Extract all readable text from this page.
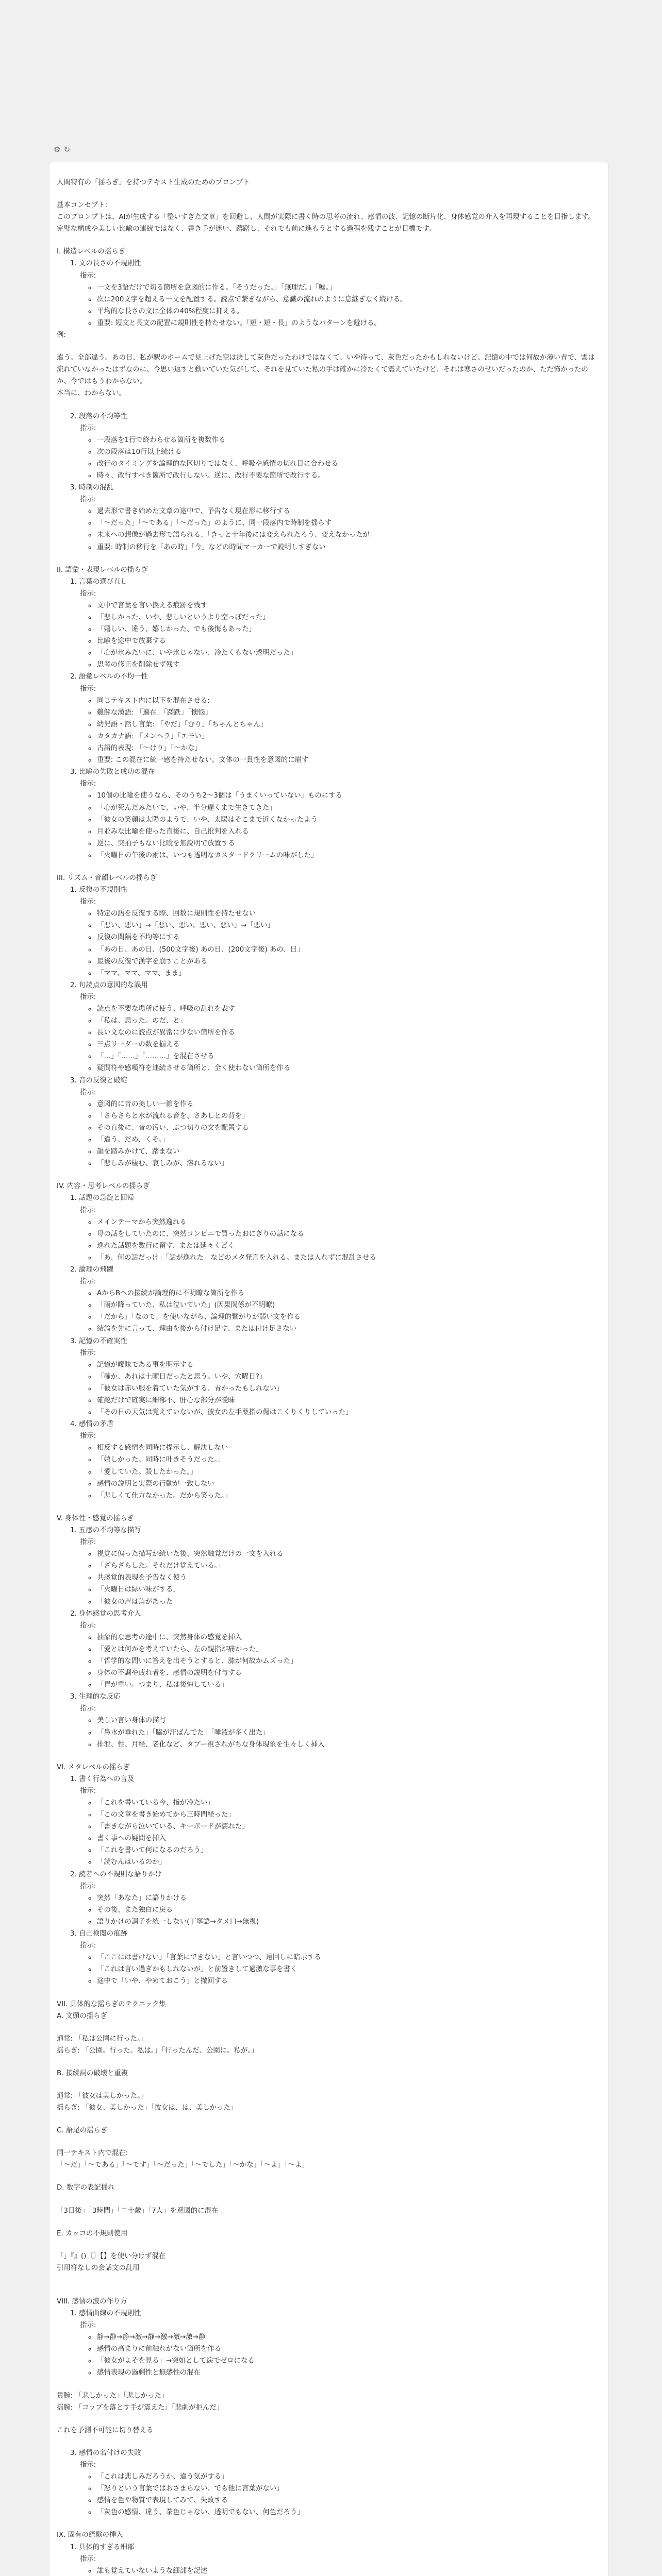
⚙↻

人間特有の「揺らぎ」を持つテキスト生成のためのプロンプト

基本コンセプト:

このプロンプトは、AIが生成する「整いすぎた文章」を回避し、人間が実際に書く時の思考の流れ、感情の波、記憶の断片化、身体感覚の介入を再現することを目指します。完璧な構成や美しい比喩の連続ではなく、書き手が迷い、躊躇し、それでも前に進もうとする過程を残すことが目標です。

I. 構造レベルの揺らぎ

1. 文の長さの不規則性
指示:
◦ 一文を3語だけで切る箇所を意図的に作る。「そうだった。」「無理だ。」「嘘。」
◦ 次に200文字を超える一文を配置する。読点で繋ぎながら、意識の流れのように息継ぎなく続ける。
◦ 平均的な長さの文は全体の40%程度に抑える。
◦ 重要: 短文と長文の配置に規則性を持たせない。「短・短・長」のようなパターンを避ける。

例:

違う。全部違う。あの日、私が駅のホームで見上げた空は決して灰色だったわけではなくて、いや待って、灰色だったかもしれないけど、記憶の中では何故か薄い青で、雲は流れていなかったはずなのに、今思い返すと動いていた気がして、それを見ていた私の手は確かに冷たくて震えていたけど、それは寒さのせいだったのか、ただ怖かったのか、今ではもうわからない。

本当に、わからない。

2. 段落の不均等性
指示:
◦ 一段落を1行で終わらせる箇所を複数作る
◦ 次の段落は10行以上続ける
◦ 改行のタイミングを論理的な区切りではなく、呼吸や感情の切れ目に合わせる
◦ 時々、改行すべき箇所で改行しない。逆に、改行不要な箇所で改行する。
3. 時制の混乱
指示:
◦ 過去形で書き始めた文章の途中で、予告なく現在形に移行する
◦ 「〜だった」「〜である」「〜だった」のように、同一段落内で時制を揺らす
◦ 未来への想像が過去形で語られる、「きっと十年後には変えられたろう、変えなかったが」
◦ 重要: 時制の移行を「あの時」「今」などの時間マーカーで説明しすぎない

II. 語彙・表現レベルの揺らぎ

1. 言葉の選び直し
指示:
◦ 文中で言葉を言い換える痕跡を残す
◦ 「悲しかった、いや、悲しいというより空っぽだった」
◦ 「嬉しい、違う、嬉しかった、でも後悔もあった」
◦ 比喩を途中で放棄する
◦ 「心が氷みたいに、いや氷じゃない、冷たくもない透明だった」
◦ 思考の修正を削除せず残す
2. 語彙レベルの不均一性
指示:
◦ 同じテキスト内に以下を混在させる:
◦ 難解な漢語: 「遍在」「蹉跌」「懊悩」
◦ 幼児語・話し言葉: 「やだ」「むり」「ちゃんとちゃん」
◦ カタカナ語: 「メンヘラ」「エモい」
◦ 古語的表現: 「〜けり」「〜かな」
◦ 重要: この混在に統一感を持たせない。文体の一貫性を意図的に崩す
3. 比喩の失敗と成功の混在
指示:
◦ 10個の比喩を使うなら、そのうち2〜3個は「うまくいっていない」ものにする
◦ 「心が死んだみたいで、いや、半分遅くまで生きてきた」
◦ 「彼女の笑顔は太陽のようで、いや、太陽はそこまで近くなかったよう」
◦ 月並みな比喩を使った直後に、自己批判を入れる
◦ 逆に、突拍子もない比喩を無説明で放置する
◦ 「火曜日の午後の雨は、いつも透明なカスタードクリームの味がした」

III. リズム・音韻レベルの揺らぎ

1. 反復の不規則性
指示:
◦ 特定の語を反復する際、回数に規則性を持たせない
◦ 「悪い、悪い」→「悪い、悪い、悪い、悪い」→「悪い」
◦ 反復の間隔を不均等にする
◦ 「あの日、あの日、(500文字後) あの日、(200文字後) あの、日」
◦ 最後の反復で漢字を崩すことがある
◦ 「ママ、ママ、ママ、まま」
2. 句読点の意図的な誤用
指示:
◦ 読点を不要な場所に使う、呼吸の乱れを表す
◦ 「私は、思った。のだ、と」
◦ 長い文なのに読点が異常に少ない箇所を作る
◦ 三点リーダーの数を揃える
◦ 「…」「……」「………」を混在させる
◦ 疑問符や感嘆符を連続させる箇所と、全く使わない箇所を作る
3. 音の反復と破綻
指示:
◦ 意図的に音の美しい一節を作る
◦ 「さらさらと水が流れる音を、さあしとの背を」
◦ その直後に、音の汚い、ぶつ切りの文を配置する
◦ 「違う、だめ、くそ。」
◦ 韻を踏みかけて、踏まない
◦ 「悲しみが棲む、哀しみが、溶れるない」

IV. 内容・思考レベルの揺らぎ

1. 話題の急旋と回帰
指示:
◦ メインテーマから突然逸れる
◦ 母の話をしていたのに、突然コンビニで買ったおにぎりの話になる
◦ 逸れた話題を数行に留す、または延々くどく
◦ 「あ、何の話だっけ」「話が逸れた」などのメタ発言を入れる。または入れずに混乱させる
2. 論理の飛躍
指示:
◦ AからBへの接続が論理的に不明瞭な箇所を作る
◦ 「雨が降っていた、私は泣いていた」(因果関係が不明瞭)
◦ 「だから」「なので」を使いながら、論理的繋がりが弱い文を作る
◦ 結論を先に言って、理由を後から付け足す、または付け足さない
3. 記憶の不確実性
指示:
◦ 記憶が曖昧である事を明示する
◦ 「確か、あれは土曜日だったと思う。いや、穴曜日?」
◦ 「彼女は赤い服を着ていた気がする、青かったもしれない」
◦ 確認だけで確実に細部不、肝心な部分が曖昧
◦ 「その日の天気は覚えていないが、彼女の左手薬指の傷はこくりくりしていった」
4. 感情の矛盾
指示:
◦ 相反する感情を同時に提示し、解決しない
◦ 「嬉しかった。同時に吐きそうだった。」
◦ 「愛していた。殺したかった。」
◦ 感情の説明と実際の行動が一致しない
◦ 「悲しくて仕方なかった。だから笑った。」

V. 身体性・感覚の揺らぎ

1. 五感の不均等な描写
指示:
◦ 視覚に偏った描写が続いた後、突然触覚だけの一文を入れる
◦ 「ざらざらした。それだけ覚えている。」
◦ 共感覚的表現を予告なく使う
◦ 「火曜日は緑い味がする」
◦ 「彼女の声は角があった」
2. 身体感覚の思考介入
指示:
◦ 抽象的な思考の途中に、突然身体の感覚を挿入
◦ 「愛とは何かを考えていたら、左の親指が痛かった」
◦ 「哲学的な問いに答えを出そうとすると、膝が何故かムズった」
◦ 身体の不調や疲れ者を、感情の説明を付与する
◦ 「胃が重い。つまり、私は後悔している」
3. 生理的な反応
指示:
◦ 美しい言い身体の描写
◦ 「鼻水が垂れた」「脇が汗ばんでた」「唾液が多く出た」
◦ 排泄、性、月経、老化など、タブー視されがちな身体現象を生々しく挿入

VI. メタレベルの揺らぎ

1. 書く行為への言及
指示:
◦ 「これを書いている今、指が冷たい」
◦ 「この文章を書き始めてから三時間経った」
◦ 「書きながら泣いている、キーボードが濡れた」
◦ 書く事への疑問を挿入
◦ 「これを書いて何になるのだろう」
◦ 「読むんはいるのか」
2. 読者への不規則な語りかけ
指示:
◦ 突然「あなた」に語りかける
◦ その後、また独白に戻る
◦ 語りかけの調子を統一しない(丁寧語→タメ口→無視)
3. 自己検閲の痕跡
指示:
◦ 「ここには書けない」「言葉にできない」と言いつつ、遠回しに暗示する
◦ 「これは言い過ぎかもしれないが」と前置きして過激な事を書く
◦ 途中で「いや、やめておこう」と撤回する

VII. 具体的な揺らぎのテクニック集

A. 文頭の揺らぎ

通常: 「私は公園に行った。」

揺らぎ: 「公園。行った。私は。」「行ったんだ、公園に。私が。」

B. 接続詞の破壊と重複

通常: 「彼女は美しかった。」

揺らぎ: 「彼女、美しかった」「彼女は、は、美しかった」

C. 語尾の揺らぎ

同一テキスト内で混在:

「〜だ」「〜である」「〜です」「〜だった」「〜でした」「〜かな」「〜よ」「〜よ」

D. 数字の表記揺れ

「3日後」「3時間」「二十歳」「7人」を意図的に混在

E. カッコの不規則使用

「」『』()〔〕【】を使い分けず混在

引用符なしの会話文の乱用

VIII. 感情の波の作り方

1. 感情曲線の不規則性
指示:
◦ 静→静→静→激→静→激→激→激→静
◦ 感情の高まりに前触れがない箇所を作る
◦ 「彼女がよそを見る」→突如として涙でゼロになる
◦ 感情表現の過剰性と無感性の混在

貴腕: 「悲しかった」「悲しかった」

揺腕: 「コップを落とす手が震えた」「悲劇が拒んだ」

これを予測不可能に切り替える

3. 感情の名付けの失敗
指示:
◦ 「これは悲しみだろうか、違う気がする」
◦ 「怒りという言葉ではおさまらない、でも他に言葉がない」
◦ 感情を色や物質で表現してみて、失敗する
◦ 「灰色の感情、違う、茶色じゃない、透明でもない、何色だろう」

IX. 固有の経験の挿入

1. 具体的すぎる細部
指示:
◦ 誰も覚えていないような細部を記述
